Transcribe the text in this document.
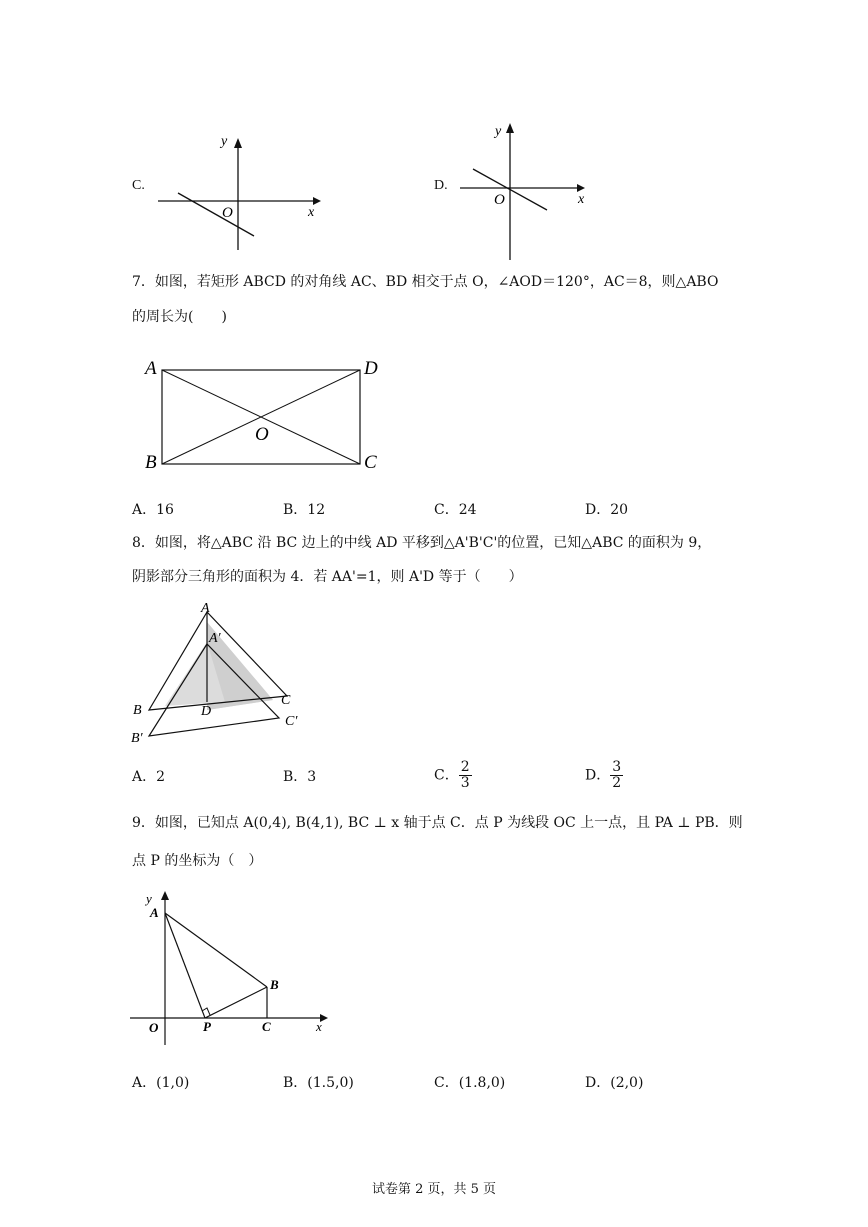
C.
y
x
O
D.
y
x
O
7．如图，若矩形 ABCD 的对角线 AC、BD 相交于点 O，∠AOD＝120°，AC＝8，则△ABO
的周长为(　　)
A	D
B	C
O
A．16	B．12	C．24	D．20
8．如图，将△ABC 沿 BC 边上的中线 AD 平移到△A'B'C'的位置，已知△ABC 的面积为 9，
阴影部分三角形的面积为 4．若 AA'=1，则 A'D 等于（　　）
A
A′
B
B′
C
C′
D
A．2	B．3	C． $\frac{2}{3}$	D． $\frac{3}{2}$
9．如图，已知点 A(0,4), B(4,1), BC ⊥ x 轴于点 C．点 P 为线段 OC 上一点，且 PA ⊥ PB．则
点 P 的坐标为（　）
y
A
B
O	P	C	x
A．(1,0)	B．(1.5,0)	C．(1.8,0)	D．(2,0)
试卷第 2 页，共 5 页
